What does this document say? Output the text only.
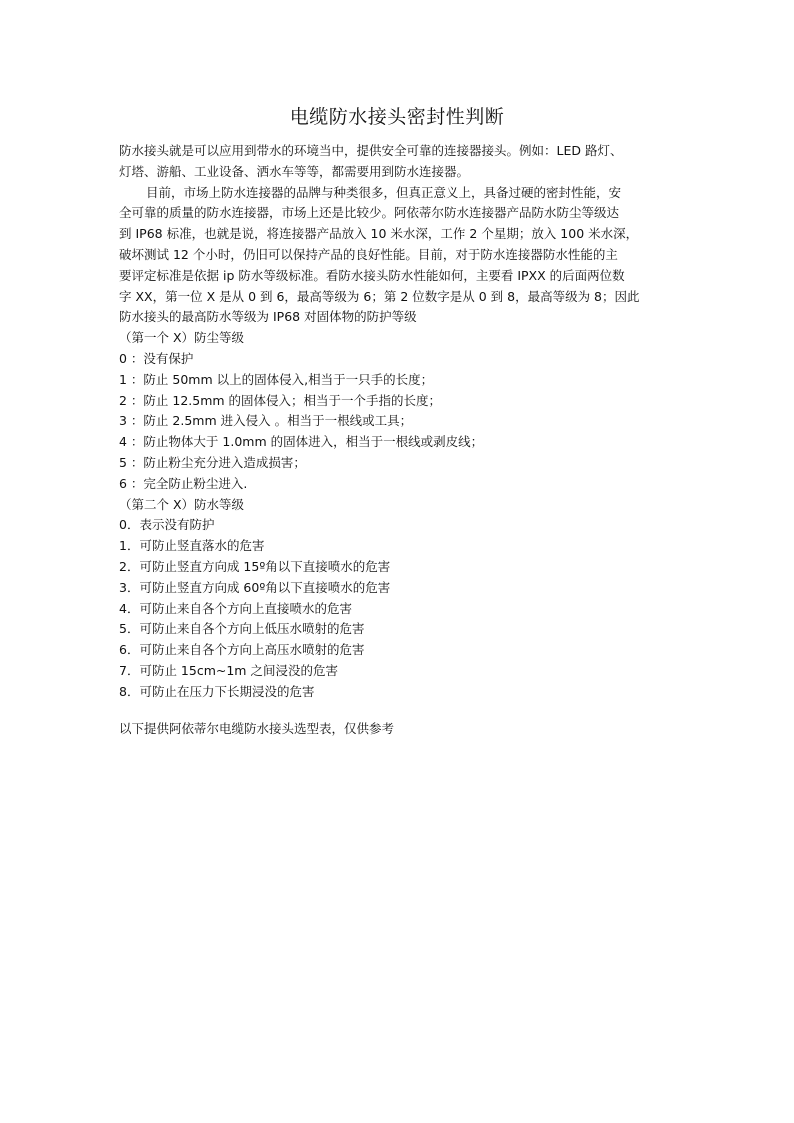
电缆防水接头密封性判断

防水接头就是可以应用到带水的环境当中，提供安全可靠的连接器接头。例如：LED 路灯、

灯塔、游船、工业设备、洒水车等等，都需要用到防水连接器。

目前，市场上防水连接器的品牌与种类很多，但真正意义上，具备过硬的密封性能，安

全可靠的质量的防水连接器，市场上还是比较少。阿依蒂尔防水连接器产品防水防尘等级达

到 IP68 标准，也就是说，将连接器产品放入 10 米水深，工作 2 个星期；放入 100 米水深，

破坏测试 12 个小时，仍旧可以保持产品的良好性能。目前，对于防水连接器防水性能的主

要评定标准是依据 ip 防水等级标准。看防水接头防水性能如何，主要看 IPXX 的后面两位数

字 XX，第一位 X 是从 0 到 6，最高等级为 6；第 2 位数字是从 0 到 8，最高等级为 8；因此

防水接头的最高防水等级为 IP68 对固体物的防护等级

（第一个 X）防尘等级

0 ：没有保护

1 ：防止 50mm 以上的固体侵入,相当于一只手的长度；

2 ：防止 12.5mm 的固体侵入；相当于一个手指的长度；

3 ：防止 2.5mm 进入侵入 。相当于一根线或工具；

4 ：防止物体大于 1.0mm 的固体进入，相当于一根线或剥皮线；

5 ：防止粉尘充分进入造成损害；

6 ：完全防止粉尘进入.

（第二个 X）防水等级

0．表示没有防护

1．可防止竖直落水的危害

2．可防止竖直方向成 15º角以下直接喷水的危害

3．可防止竖直方向成 60º角以下直接喷水的危害

4．可防止来自各个方向上直接喷水的危害

5．可防止来自各个方向上低压水喷射的危害

6．可防止来自各个方向上高压水喷射的危害

7．可防止 15cm~1m 之间浸没的危害

8．可防止在压力下长期浸没的危害

以下提供阿依蒂尔电缆防水接头选型表，仅供参考
